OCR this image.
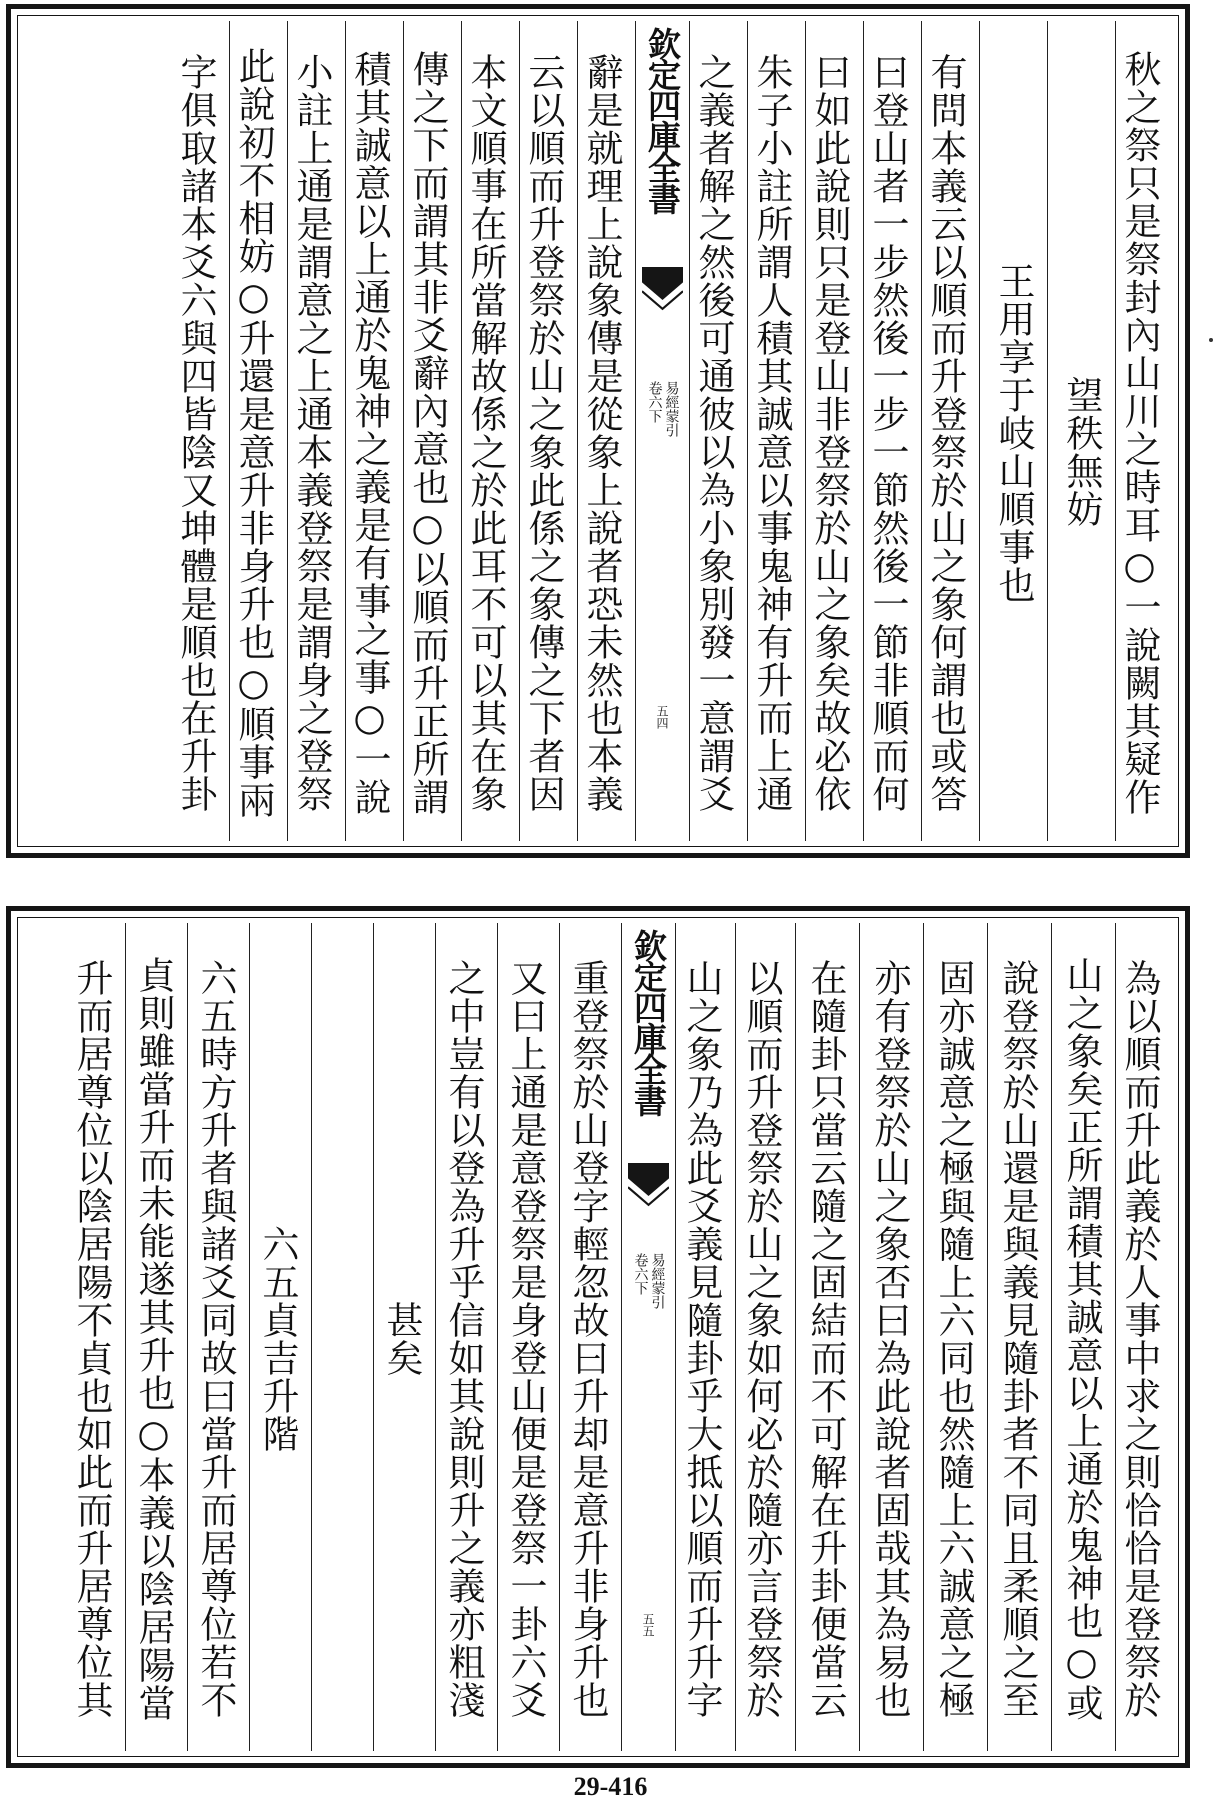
秋之祭只是祭封內山川之時耳○一說闕其疑作
望秩無妨
王用享于岐山順事也
有問本義云以順而升登祭於山之象何謂也或答
曰登山者一步然後一步一節然後一節非順而何
曰如此說則只是登山非登祭於山之象矣故必依
朱子小註所謂人積其誠意以事鬼神有升而上通
之義者解之然後可通彼以為小象別發一意謂爻
欽定四庫全書
卷六下 易經蒙引
五四
辭是就理上說象傳是從象上說者恐未然也本義
云以順而升登祭於山之象此係之象傳之下者因
本文順事在所當解故係之於此耳不可以其在象
傳之下而謂其非爻辭內意也○以順而升正所謂
積其誠意以上通於鬼神之義是有事之事○一說
小註上通是謂意之上通本義登祭是謂身之登祭
此說初不相妨○升還是意升非身升也○順事兩
字俱取諸本爻六與四皆陰又坤體是順也在升卦
為以順而升此義於人事中求之則恰恰是登祭於
山之象矣正所謂積其誠意以上通於鬼神也○或
說登祭於山還是與義見隨卦者不同且柔順之至
固亦誠意之極與隨上六同也然隨上六誠意之極
亦有登祭於山之象否曰為此說者固哉其為易也
在隨卦只當云隨之固結而不可解在升卦便當云
以順而升登祭於山之象如何必於隨亦言登祭於
山之象乃為此爻義見隨卦乎大抵以順而升升字
欽定四庫全書
卷六下 易經蒙引
五五
重登祭於山登字輕忽故曰升却是意升非身升也
又曰上通是意登祭是身登山便是登祭一卦六爻
之中豈有以登為升乎信如其說則升之義亦粗淺
甚矣
六五貞吉升階
六五時方升者與諸爻同故曰當升而居尊位若不
貞則雖當升而未能遂其升也○本義以陰居陽當
升而居尊位以陰居陽不貞也如此而升居尊位其
29-416
